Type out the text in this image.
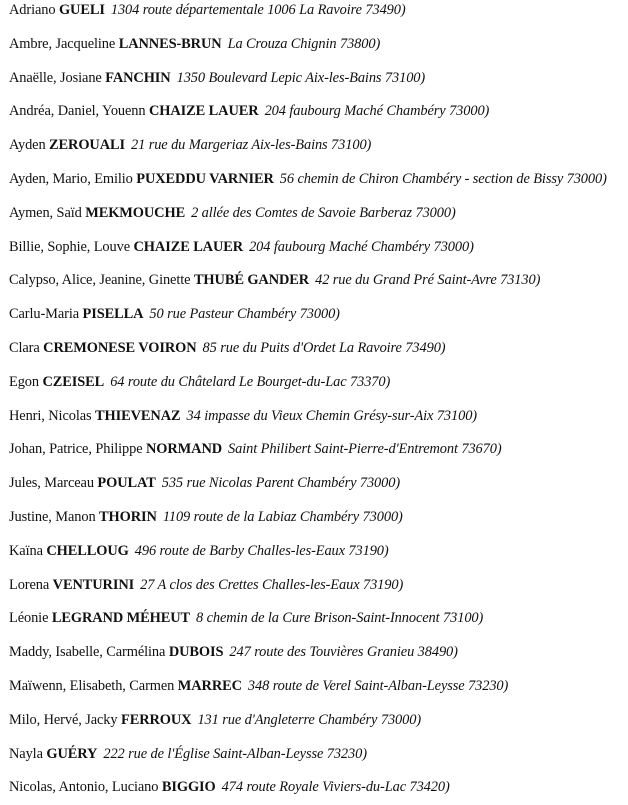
Adriano GUELI 1304 route départementale 1006 La Ravoire 73490)
Ambre, Jacqueline LANNES-BRUN La Crouza Chignin 73800)
Anaëlle, Josiane FANCHIN 1350 Boulevard Lepic Aix-les-Bains 73100)
Andréa, Daniel, Youenn CHAIZE LAUER 204 faubourg Maché Chambéry 73000)
Ayden ZEROUALI 21 rue du Margeriaz Aix-les-Bains 73100)
Ayden, Mario, Emilio PUXEDDU VARNIER 56 chemin de Chiron Chambéry - section de Bissy 73000)
Aymen, Saïd MEKMOUCHE 2 allée des Comtes de Savoie Barberaz 73000)
Billie, Sophie, Louve CHAIZE LAUER 204 faubourg Maché Chambéry 73000)
Calypso, Alice, Jeanine, Ginette THUBÉ GANDER 42 rue du Grand Pré Saint-Avre 73130)
Carlu-Maria PISELLA 50 rue Pasteur Chambéry 73000)
Clara CREMONESE VOIRON 85 rue du Puits d'Ordet La Ravoire 73490)
Egon CZEISEL 64 route du Châtelard Le Bourget-du-Lac 73370)
Henri, Nicolas THIEVENAZ 34 impasse du Vieux Chemin Grésy-sur-Aix 73100)
Johan, Patrice, Philippe NORMAND Saint Philibert Saint-Pierre-d'Entremont 73670)
Jules, Marceau POULAT 535 rue Nicolas Parent Chambéry 73000)
Justine, Manon THORIN 1109 route de la Labiaz Chambéry 73000)
Kaïna CHELLOUG 496 route de Barby Challes-les-Eaux 73190)
Lorena VENTURINI 27 A clos des Crettes Challes-les-Eaux 73190)
Léonie LEGRAND MÉHEUT 8 chemin de la Cure Brison-Saint-Innocent 73100)
Maddy, Isabelle, Carmélina DUBOIS 247 route des Touvières Granieu 38490)
Maïwenn, Elisabeth, Carmen MARREC 348 route de Verel Saint-Alban-Leysse 73230)
Milo, Hervé, Jacky FERROUX 131 rue d'Angleterre Chambéry 73000)
Nayla GUÉRY 222 rue de l'Église Saint-Alban-Leysse 73230)
Nicolas, Antonio, Luciano BIGGIO 474 route Royale Viviers-du-Lac 73420)
